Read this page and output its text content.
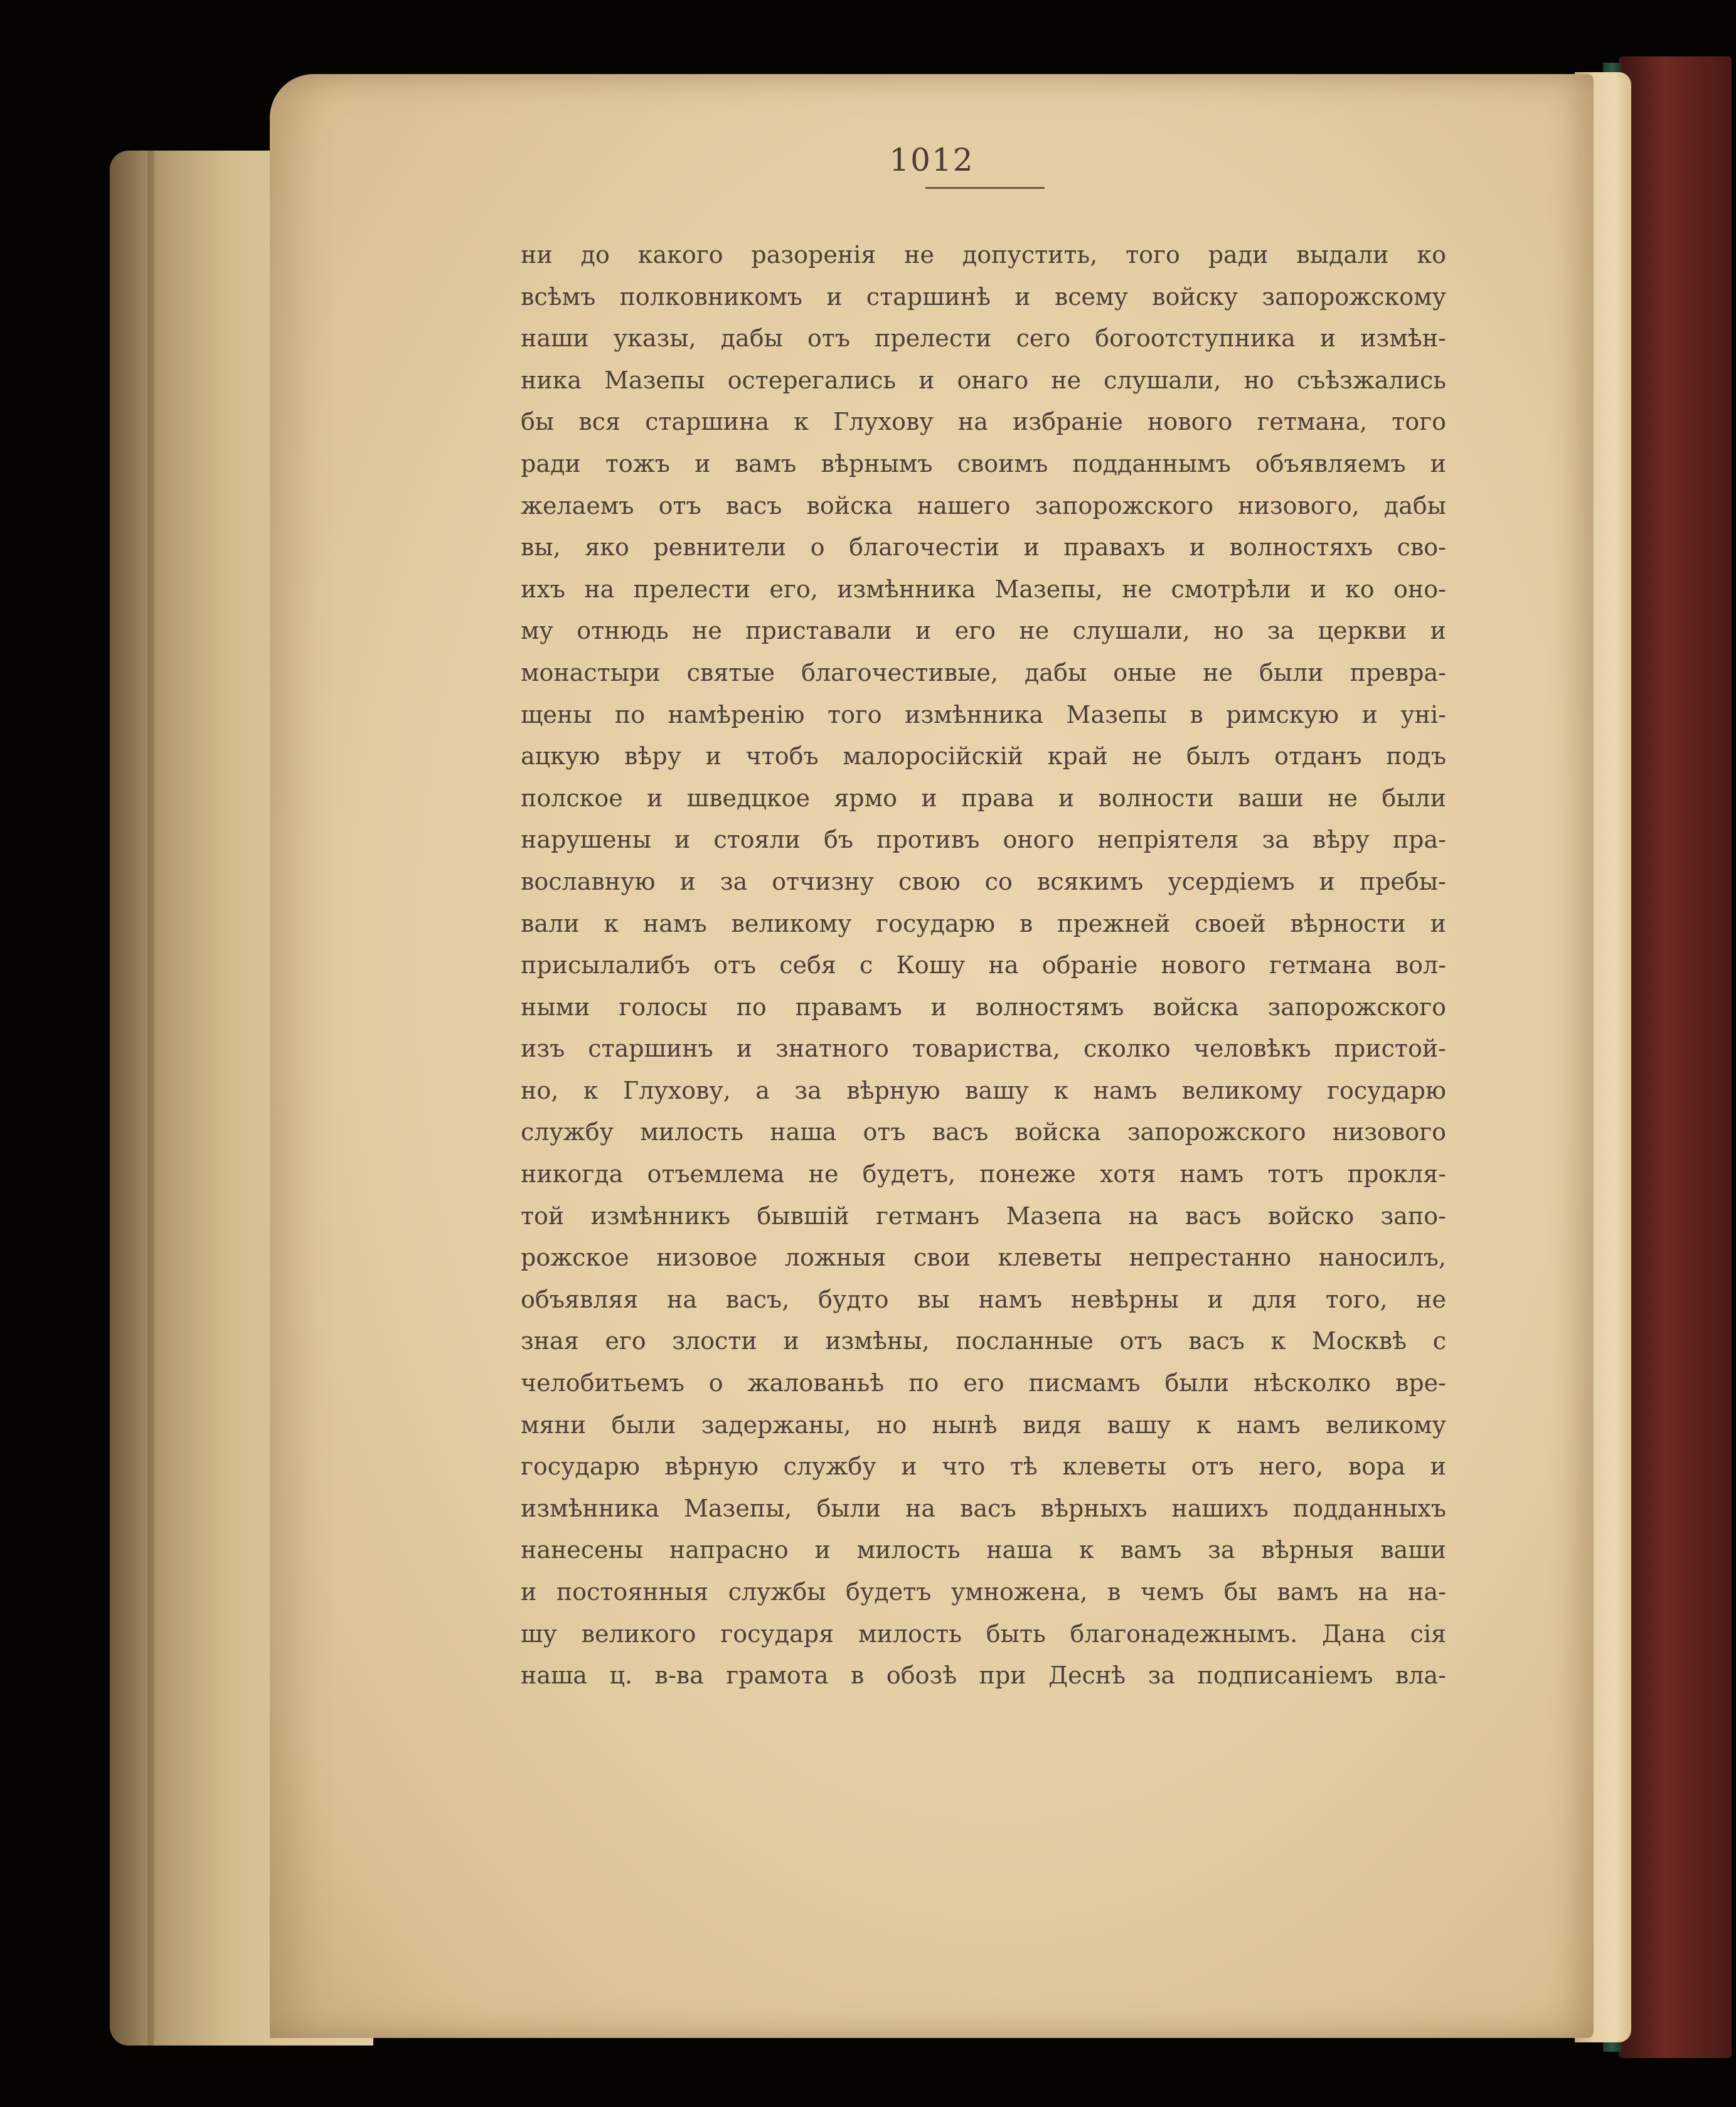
1012
ни до какого разоренія не допустить, того ради выдали ко
всѣмъ полковникомъ и старшинѣ и всему войску запорожскому
наши указы, дабы отъ прелести сего богоотступника и измѣн-
ника Мазепы остерегались и онаго не слушали, но съѣзжались
бы вся старшина к Глухову на избраніе нового гетмана, того
ради тожъ и вамъ вѣрнымъ своимъ подданнымъ объявляемъ и
желаемъ отъ васъ войска нашего запорожского низового, дабы
вы, яко ревнители о благочестіи и правахъ и волностяхъ сво-
ихъ на прелести его, измѣнника Мазепы, не смотрѣли и ко оно-
му отнюдь не приставали и его не слушали, но за церкви и
монастыри святые благочестивые, дабы оные не были превра-
щены по намѣренію того измѣнника Мазепы в римскую и уні-
ацкую вѣру и чтобъ малоросійскій край не былъ отданъ подъ
полское и шведцкое ярмо и права и волности ваши не были
нарушены и стояли бъ противъ оного непріятеля за вѣру пра-
вославную и за отчизну свою со всякимъ усердіемъ и пребы-
вали к намъ великому государю в прежней своей вѣрности и
присылалибъ отъ себя с Кошу на обраніе нового гетмана вол-
ными голосы по правамъ и волностямъ войска запорожского
изъ старшинъ и знатного товариства, сколко человѣкъ пристой-
но, к Глухову, а за вѣрную вашу к намъ великому государю
службу милость наша отъ васъ войска запорожского низового
никогда отъемлема не будетъ, понеже хотя намъ тотъ прокля-
той измѣнникъ бывшій гетманъ Мазепа на васъ войско запо-
рожское низовое ложныя свои клеветы непрестанно наносилъ,
объявляя на васъ, будто вы намъ невѣрны и для того, не
зная его злости и измѣны, посланные отъ васъ к Москвѣ с
челобитьемъ о жалованьѣ по его писмамъ были нѣсколко вре-
мяни были задержаны, но нынѣ видя вашу к намъ великому
государю вѣрную службу и что тѣ клеветы отъ него, вора и
измѣнника Мазепы, были на васъ вѣрныхъ нашихъ подданныхъ
нанесены напрасно и милость наша к вамъ за вѣрныя ваши
и постоянныя службы будетъ умножена, в чемъ бы вамъ на на-
шу великого государя милость быть благонадежнымъ. Дана сія
наша ц. в-ва грамота в обозѣ при Деснѣ за подписаніемъ вла-
